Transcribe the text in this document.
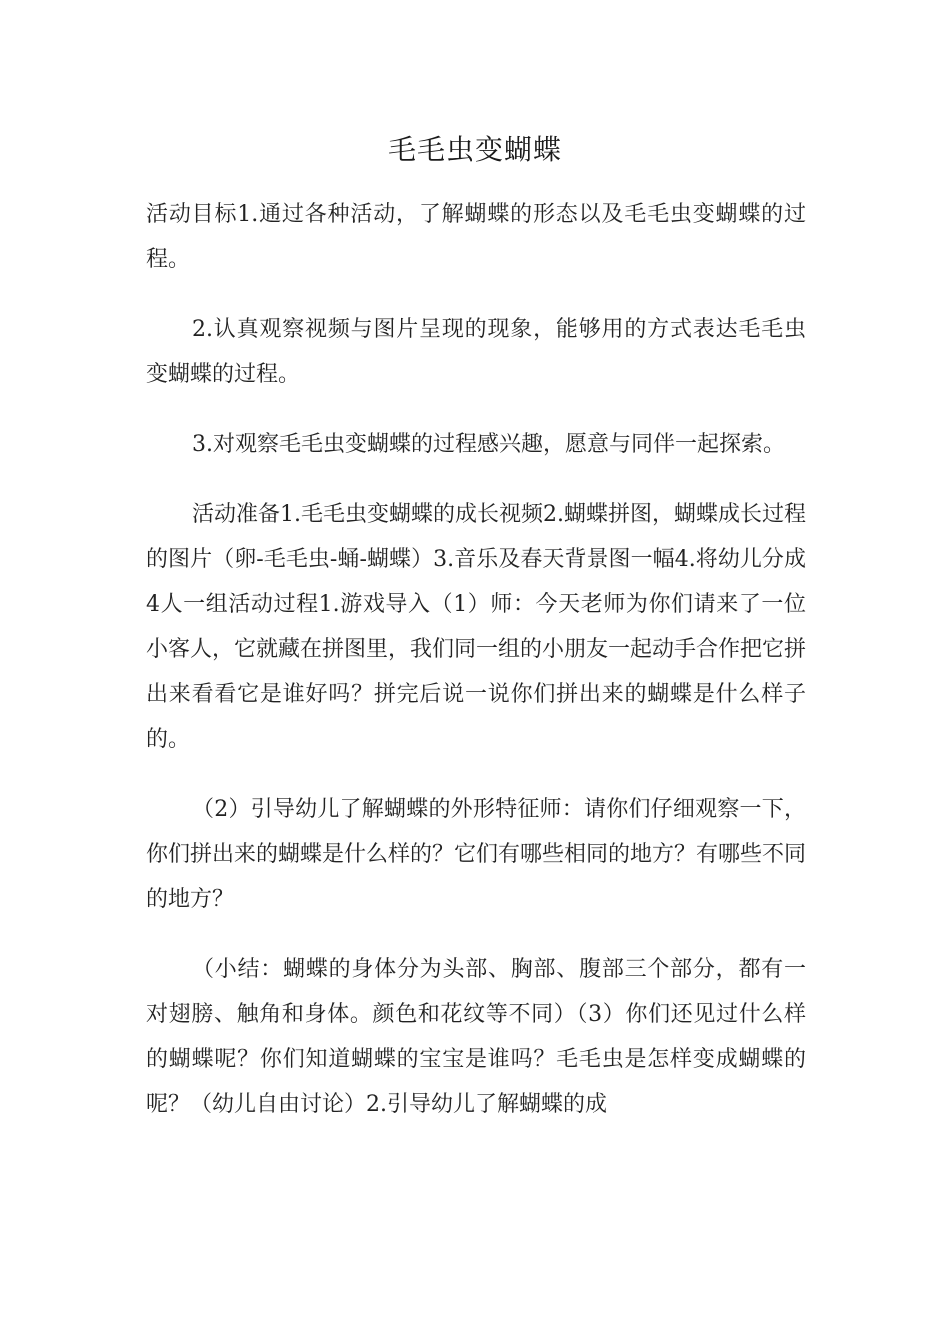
毛毛虫变蝴蝶

活动目标1.通过各种活动，了解蝴蝶的形态以及毛毛虫变蝴蝶的过程。

2.认真观察视频与图片呈现的现象，能够用的方式表达毛毛虫变蝴蝶的过程。

3.对观察毛毛虫变蝴蝶的过程感兴趣，愿意与同伴一起探索。

活动准备1.毛毛虫变蝴蝶的成长视频2.蝴蝶拼图，蝴蝶成长过程的图片（卵-毛毛虫-蛹-蝴蝶）3.音乐及春天背景图一幅4.将幼儿分成4人一组活动过程1.游戏导入（1）师：今天老师为你们请来了一位小客人，它就藏在拼图里，我们同一组的小朋友一起动手合作把它拼出来看看它是谁好吗？拼完后说一说你们拼出来的蝴蝶是什么样子的。

（2）引导幼儿了解蝴蝶的外形特征师：请你们仔细观察一下，你们拼出来的蝴蝶是什么样的？它们有哪些相同的地方？有哪些不同的地方？

（小结：蝴蝶的身体分为头部、胸部、腹部三个部分，都有一对翅膀、触角和身体。颜色和花纹等不同）（3）你们还见过什么样的蝴蝶呢？你们知道蝴蝶的宝宝是谁吗？毛毛虫是怎样变成蝴蝶的呢？（幼儿自由讨论）2.引导幼儿了解蝴蝶的成
